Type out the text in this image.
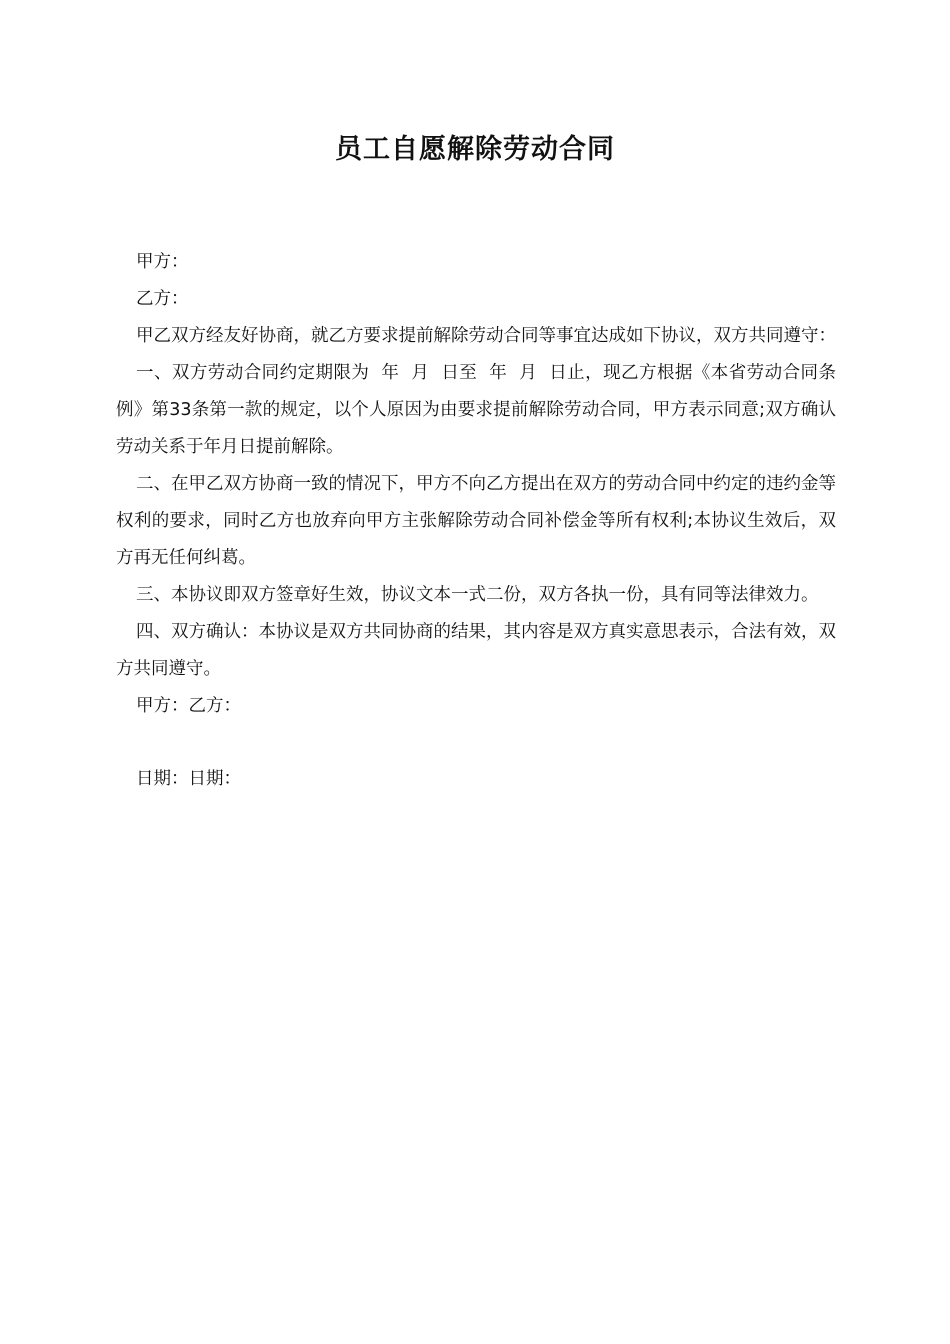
员工自愿解除劳动合同

甲方：

乙方：

甲乙双方经友好协商，就乙方要求提前解除劳动合同等事宜达成如下协议，双方共同遵守：

一、双方劳动合同约定期限为  年  月  日至  年  月  日止，现乙方根据《本省劳动合同条例》第33条第一款的规定，以个人原因为由要求提前解除劳动合同，甲方表示同意;双方确认劳动关系于年月日提前解除。

二、在甲乙双方协商一致的情况下，甲方不向乙方提出在双方的劳动合同中约定的违约金等权利的要求，同时乙方也放弃向甲方主张解除劳动合同补偿金等所有权利;本协议生效后，双方再无任何纠葛。

三、本协议即双方签章好生效，协议文本一式二份，双方各执一份，具有同等法律效力。

四、双方确认：本协议是双方共同协商的结果，其内容是双方真实意思表示，合法有效，双方共同遵守。

甲方：乙方：

日期：日期：
